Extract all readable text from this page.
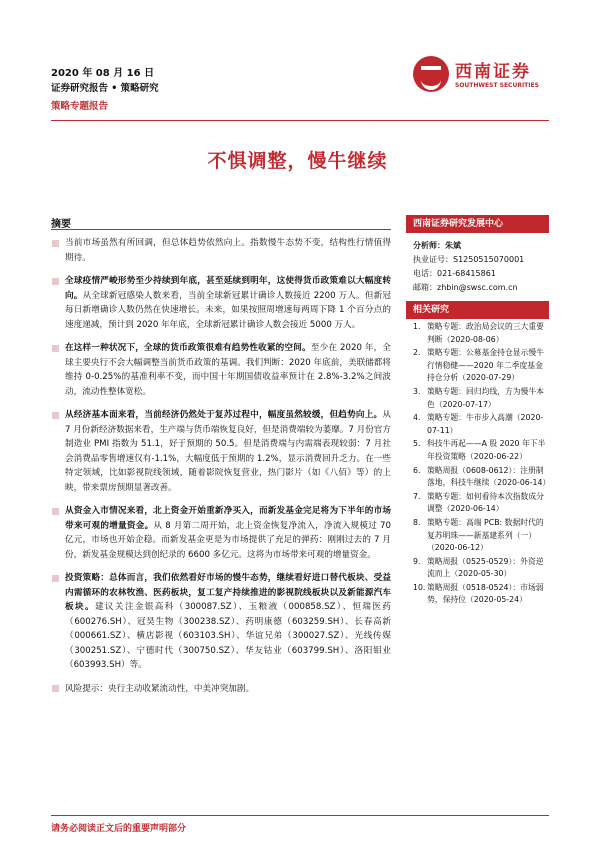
2020 年 08 月 16 日
证券研究报告 • 策略研究
策略专题报告
西南证券
SOUTHWEST SECURITIES
不惧调整，慢牛继续
摘要
当前市场虽然有所回调，但总体趋势依然向上。指数慢牛态势不变，结构性行情值得期待。
全球疫情严峻形势至少持续到年底，甚至延续到明年，这使得货币政策难以大幅度转向。从全球新冠感染人数来看，当前全球新冠累计确诊人数接近 2200 万人。但新冠每日新增确诊人数仍然在快速增长。未来，如果按照周增速每两周下降 1 个百分点的速度递减，预计到 2020 年年底，全球新冠累计确诊人数会接近 5000 万人。
在这样一种状况下，全球的货币政策很难有趋势性收紧的空间。至少在 2020 年，全球主要央行不会大幅调整当前货币政策的基调。我们判断：2020 年底前，美联储都将维持 0-0.25%的基准利率不变，而中国十年期国债收益率预计在 2.8%-3.2%之间波动，流动性整体宽松。
从经济基本面来看，当前经济仍然处于复苏过程中，幅度虽然较缓，但趋势向上。从 7 月份新经济数据来看，生产端与货币端恢复良好，但是消费端较为萎靡。7 月份官方制造业 PMI 指数为 51.1，好于预期的 50.5。但是消费端与内需端表现较弱：7 月社会消费品零售增速仅有-1.1%，大幅度低于预期的 1.2%，显示消费回升乏力。在一些特定领域，比如影视院线领域，随着影院恢复营业，热门影片（如《八佰》等）的上映，带来票房预期显著改善。
从资金入市情况来看，北上资金开始重新净买入，而新发基金完足将为下半年的市场带来可观的增量资金。从 8 月第二周开始，北上资金恢复净流入，净流入规模过 70 亿元，市场也开始企稳。而新发基金更是为市场提供了充足的弹药：刚刚过去的 7 月份，新发基金规模达到创纪录的 6600 多亿元。这将为市场带来可观的增量资金。
投资策略：总体而言，我们依然看好市场的慢牛态势，继续看好进口替代板块、受益内需循环的农林牧渔、医药板块，复工复产持续推进的影视院线板块以及新能源汽车板块。建议关注金银高科（300087.SZ）、玉粮液（000858.SZ）、恒瑞医药（600276.SH）、冠昊生物（300238.SZ）、药明康德（603259.SH）、长春高新（000661.SZ）、横店影视（603103.SH）、华谊兄弟（300027.SZ）、光线传媒（300251.SZ）、宁德时代（300750.SZ）、华友钴业（603799.SH）、洛阳钼业（603993.SH）等。
风险提示：央行主动收紧流动性，中美冲突加剧。
西南证券研究发展中心
分析师：朱斌
执业证号：S1250515070001
电话：021-68415861
邮箱：zhbin@swsc.com.cn
相关研究
1. 策略专题：政治局会议的三大重要判断（2020-08-06）
2. 策略专题：公募基金持仓显示慢牛行情稳健——2020 年二季度基金持仓分析（2020-07-29）
3. 策略专题：回归均线，方为慢牛本色（2020-07-17）
4. 策略专题：牛市步入高潮（2020-07-11）
5. 科技牛再起——A 股 2020 年下半年投资策略（2020-06-22）
6. 策略周报（0608-0612）：注册制落地，科技牛继续（2020-06-14）
7. 策略专题：如何看待本次指数成分调整（2020-06-14）
8. 策略专题：高端 PCB: 数据时代的复苏明珠——新基建系列（一）（2020-06-12）
9. 策略周报（0525-0529）：外资逆流而上（2020-05-30）
10. 策略周报（0518-0524）：市场弱势，保持位（2020-05-24）
请务必阅读正文后的重要声明部分
